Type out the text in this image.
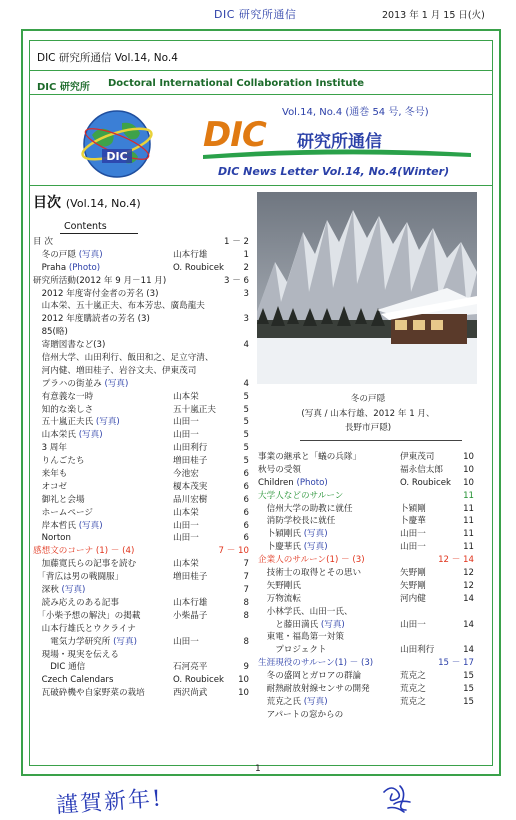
DIC 研究所通信	2013 年 1 月 15 日(火)
DIC 研究所通信 Vol.14, No.4
DIC 研究所 Doctoral International Collaboration Institute
Vol.14, No.4 (通巻 54 号, 冬号)
DIC
DIC 研究所通信
DIC News Letter Vol.14, No.4(Winter)
目次 (Vol.14, No.4)
Contents
目 次	1 － 2
　冬の戸隠 (写真)	山本行雄	1
　Praha (Photo)	O. Roubicek 2
研究所活動(2012 年 9 月－11 月)	3 － 6
　2012 年度寄付金者の芳名 (3)	3
　山本栄、五十嵐正夫、布本芳忠、廣島龍夫
　2012 年度購読者の芳名 (3)	3
　85(略)
　寄贈図書など(3)	4
　信州大学、山田利行、飯田和之、足立守清、
　河内健、増田桂子、岩谷文夫、伊東茂司
　プラハの街並み (写真)	4
　有意義な一時	山本栄	5
　知的な楽しさ	五十嵐正夫	5
　五十嵐正夫氏 (写真)	山田一	5
　山本栄氏 (写真)	山田一	5
　3 周年	山田利行	5
　りんごたち	増田桂子	5
　来年も	今池宏	6
　オコゼ	榎本茂実	6
　御礼と会場	品川宏樹	6
　ホームページ	山本栄	6
　岸本哲氏 (写真)	山田一	6
　Norton	山田一	6
感想文のコーナ (1) － (4)	7 － 10
　加藤寛氏らの記事を読む	山本栄	7
　「背広は男の戦闘服」	増田桂子	7
　深秋 (写真)	7
　読み応えのある記事	山本行雄	8
　「小柴予想の解決」の掲載	小柴晶子	8
　山本行雄氏とウクライナ
　　電気力学研究所 (写真)	山田一	8
　現場・現実を伝える
　　DIC 通信	石河亮平	9
　Czech Calendars	O. Roubicek 10
　瓦破砕機や自家野菜の栽培	西沢尚武	10
冬の戸隠
(写真 / 山本行雄、2012 年 1 月、
長野市戸隠)
事業の継承と「蟻の兵隊」	伊東茂司	10
秋号の受領	福永信太郎 10
Children (Photo)	O. Roubicek 10
大学人などのサルーン	11
　信州大学の助教に就任	卜穎剛	11
　消防学校長に就任	卜慶華	11
　卜穎剛氏 (写真)	山田一	11
　卜慶華氏 (写真)	山田一	11
企業人のサルーン(1) － (3)	12 － 14
　技術士の取得とその思い	矢野剛	12
　矢野剛氏	矢野剛	12
　万物流転	河内健	14
　小林学氏、山田一氏、
　　と藤田満氏 (写真)	山田一	14
　東電・福島第一対策
　　プロジェクト	山田利行	14
生涯現役のサルーン(1) － (3)	15 － 17
　冬の盛岡とガロアの群論	荒克之	15
　耐熱耐放射線センサの開発	荒克之	15
　荒克之氏 (写真)	荒克之	15
　アパートの窓からの
1
謹賀新年!
